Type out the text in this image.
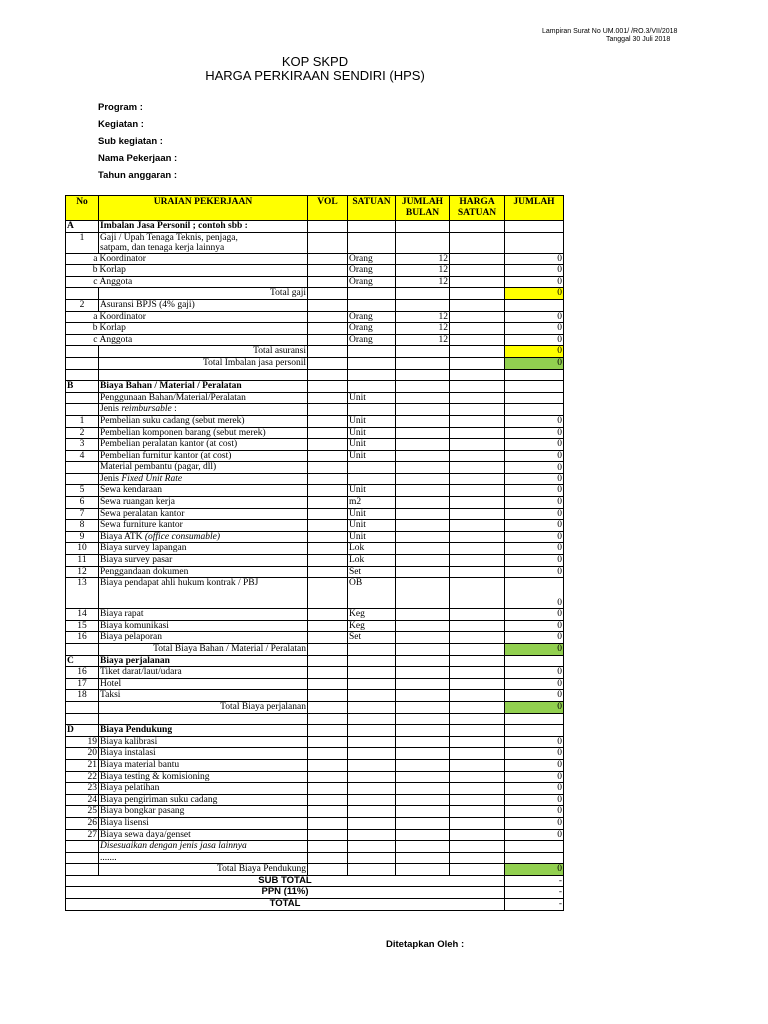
Lampiran Surat No UM.001/ /RO.3/VII/2018
Tanggal 30 Juli 2018
KOP SKPD
HARGA PERKIRAAN SENDIRI (HPS)
Program :
Kegiatan :
Sub kegiatan :
Nama Pekerjaan :
Tahun anggaran :
No	URAIAN PEKERJAAN	VOL	SATUAN	JUMLAH BULAN	HARGA SATUAN	JUMLAH
A	Imbalan Jasa Personil ; contoh sbb :					
1	Gaji / Upah Tenaga Teknis, penjaga,
satpam, dan tenaga kerja lainnya					

a	Koordinator		Orang	12		0
b	Korlap		Orang	12		0
c	Anggota		Orang	12		0
	Total gaji					0
2	Asuransi BPJS (4% gaji)					
a	Koordinator		Orang	12		0
b	Korlap		Orang	12		0
c	Anggota		Orang	12		0
	Total asuransi					0
	Total Imbalan jasa personil					0

B	Biaya Bahan / Material / Peralatan					
	Penggunaan Bahan/Material/Peralatan		Unit			
	Jenis reimbursable :					
1	Pembelian suku cadang (sebut merek)		Unit			0
2	Pembelian komponen barang (sebut merek)		Unit			0
3	Pembelian peralatan kantor (at cost)		Unit			0
4	Pembelian furnitur kantor (at cost)		Unit			0
	Material pembantu (pagar, dll)					0
	Jenis Fixed Unit Rate					0
5	Sewa kendaraan		Unit			0
6	Sewa ruangan kerja		m2			0
7	Sewa peralatan kantor		Unit			0
8	Sewa furniture kantor		Unit			0
9	Biaya ATK (office consumable)		Unit			0
10	Biaya survey lapangan		Lok			0
11	Biaya survey pasar		Lok			0
12	Penggandaan dokumen		Set			0
13	Biaya pendapat ahli hukum kontrak / PBJ		OB			0
14	Biaya rapat		Keg			0
15	Biaya komunikasi		Keg			0
16	Biaya pelaporan		Set			0
	Total Biaya Bahan / Material / Peralatan					0
C	Biaya perjalanan					
16	Tiket darat/laut/udara					0
17	Hotel					0
18	Taksi					0
	Total Biaya perjalanan					0

D	Biaya Pendukung					
19	Biaya kalibrasi					0
20	Biaya instalasi					0
21	Biaya material bantu					0
22	Biaya testing & komisioning					0
23	Biaya pelatihan					0
24	Biaya pengiriman suku cadang					0
25	Biaya bongkar pasang					0
26	Biaya lisensi					0
27	Biaya sewa daya/genset					0
	Disesuaikan dengan jenis jasa lainnya					
	.......					
	Total Biaya Pendukung					0
SUB TOTAL						-
PPN (11%)						-
TOTAL						-
Ditetapkan Oleh :
